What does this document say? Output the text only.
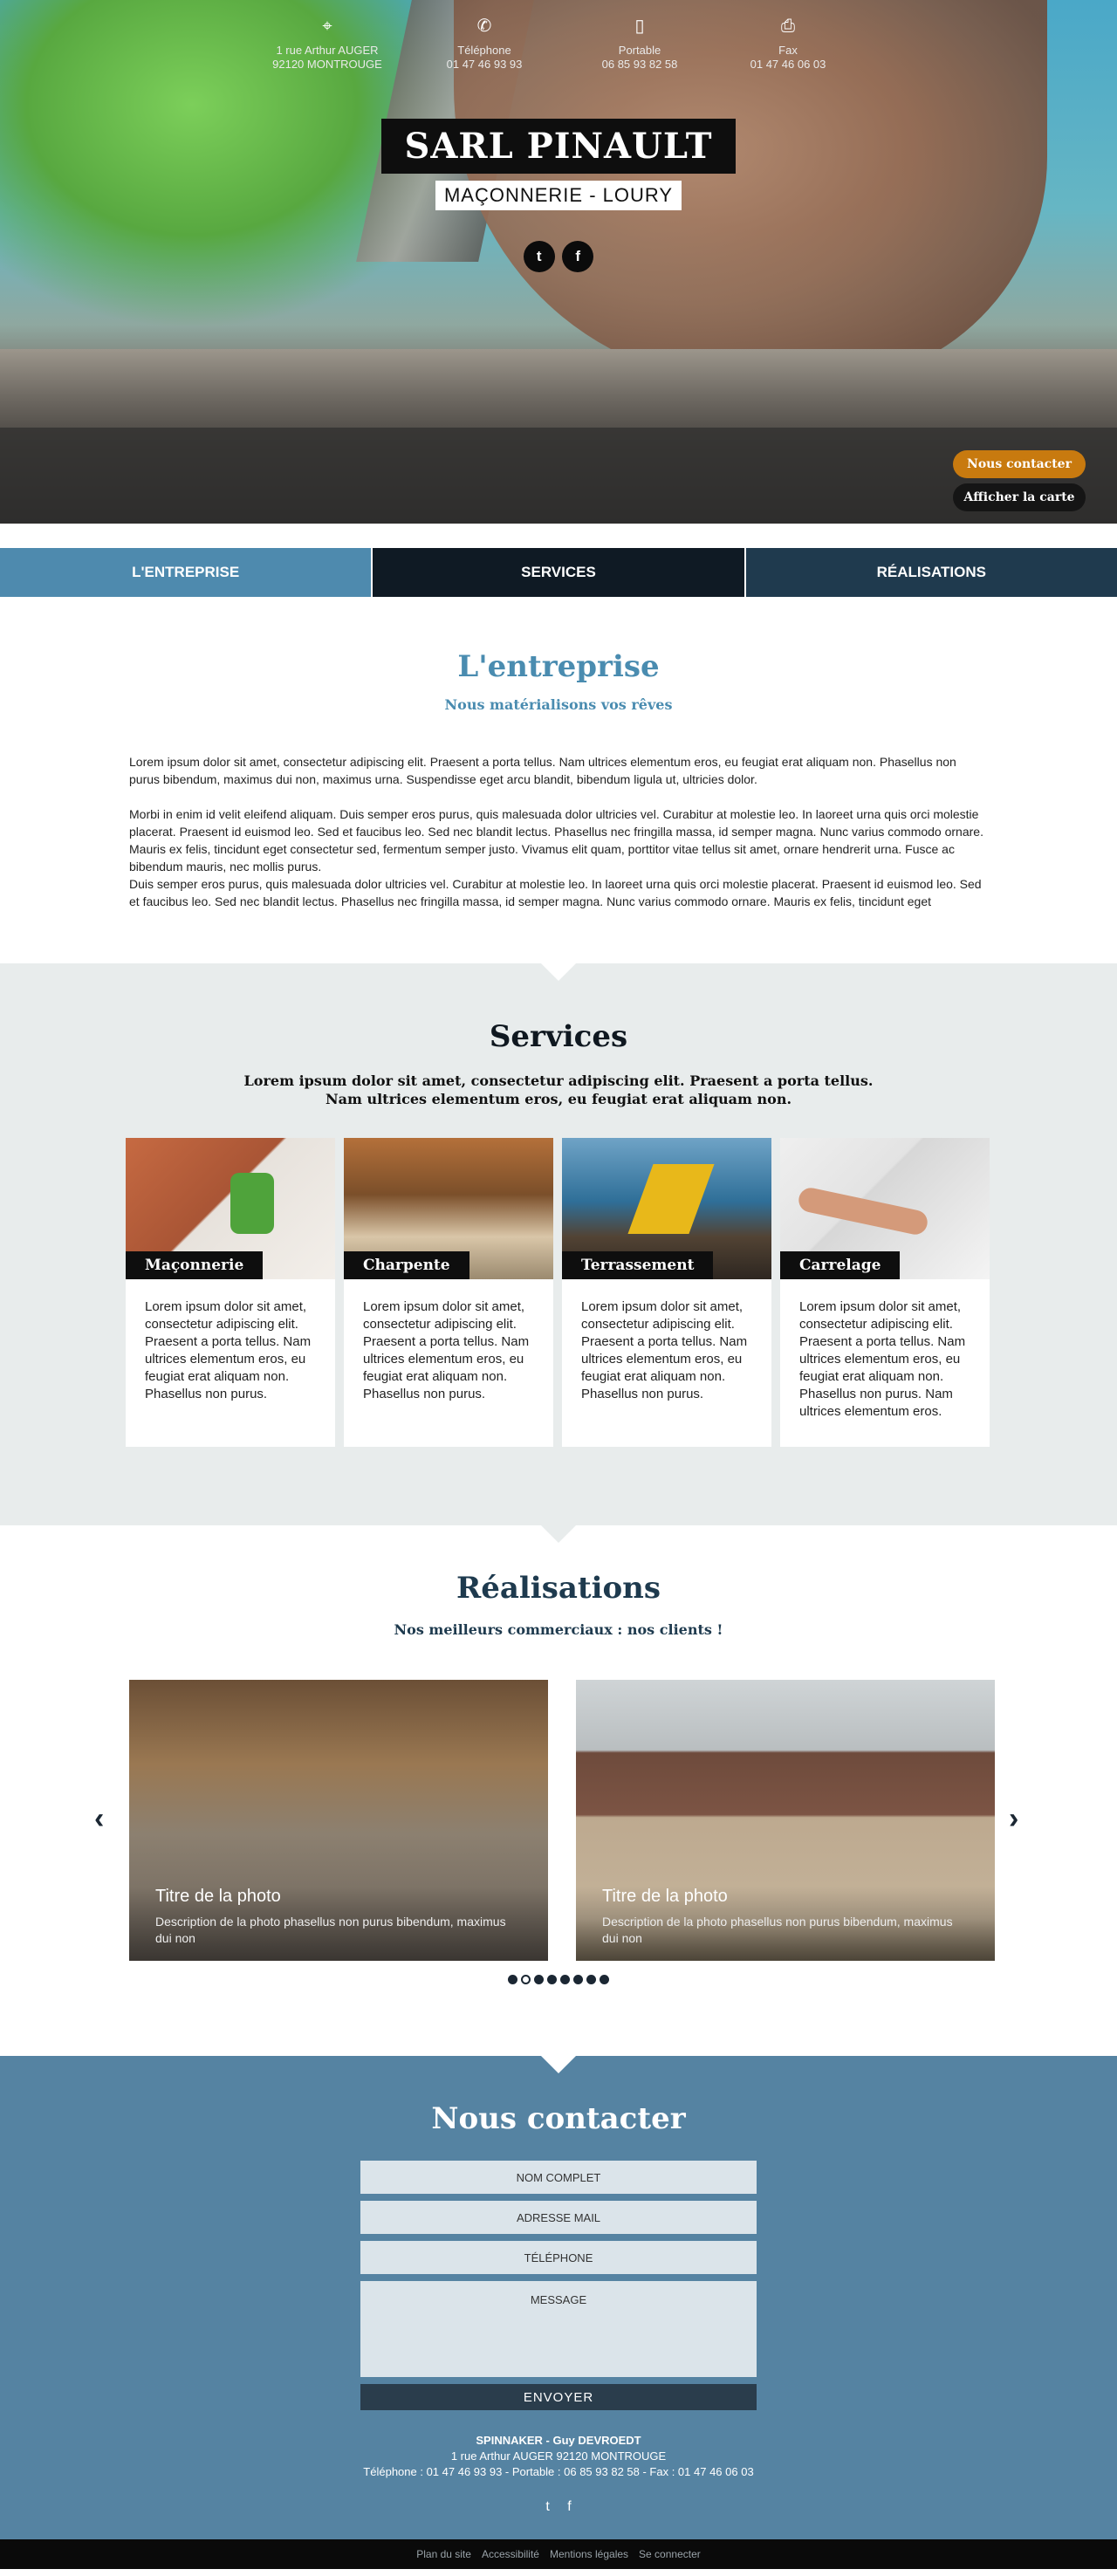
SARL PINAULT
MAÇONNERIE - LOURY
t f
⌖
1 rue Arthur AUGER
92120 MONTROUGE
✆
Téléphone
01 47 46 93 93
▯
Portable
06 85 93 82 58
⎙
Fax
01 47 46 06 03
Nous contacter
Afficher la carte
L'ENTREPRISE	SERVICES	RÉALISATIONS
L'entreprise
Nous matérialisons vos rêves

Lorem ipsum dolor sit amet, consectetur adipiscing elit. Praesent a porta tellus. Nam ultrices elementum eros, eu feugiat erat aliquam non. Phasellus non purus bibendum, maximus dui non, maximus urna. Suspendisse eget arcu blandit, bibendum ligula ut, ultricies dolor.

Morbi in enim id velit eleifend aliquam. Duis semper eros purus, quis malesuada dolor ultricies vel. Curabitur at molestie leo. In laoreet urna quis orci molestie placerat. Praesent id euismod leo. Sed et faucibus leo. Sed nec blandit lectus. Phasellus nec fringilla massa, id semper magna. Nunc varius commodo ornare. Mauris ex felis, tincidunt eget consectetur sed, fermentum semper justo. Vivamus elit quam, porttitor vitae tellus sit amet, ornare hendrerit urna. Fusce ac bibendum mauris, nec mollis purus.

Duis semper eros purus, quis malesuada dolor ultricies vel. Curabitur at molestie leo. In laoreet urna quis orci molestie placerat. Praesent id euismod leo. Sed et faucibus leo. Sed nec blandit lectus. Phasellus nec fringilla massa, id semper magna. Nunc varius commodo ornare. Mauris ex felis, tincidunt eget

Services
Lorem ipsum dolor sit amet, consectetur adipiscing elit. Praesent a porta tellus.
Nam ultrices elementum eros, eu feugiat erat aliquam non.
Maçonnerie
Lorem ipsum dolor sit amet, consectetur adipiscing elit. Praesent a porta tellus. Nam ultrices elementum eros, eu feugiat erat aliquam non. Phasellus non purus.
Charpente
Lorem ipsum dolor sit amet, consectetur adipiscing elit. Praesent a porta tellus. Nam ultrices elementum eros, eu feugiat erat aliquam non. Phasellus non purus.
Terrassement
Lorem ipsum dolor sit amet, consectetur adipiscing elit. Praesent a porta tellus. Nam ultrices elementum eros, eu feugiat erat aliquam non. Phasellus non purus.
Carrelage
Lorem ipsum dolor sit amet, consectetur adipiscing elit. Praesent a porta tellus. Nam ultrices elementum eros, eu feugiat erat aliquam non. Phasellus non purus. Nam ultrices elementum eros.
Réalisations
Nos meilleurs commerciaux : nos clients !
‹
Titre de la photo
Description de la photo phasellus non purus bibendum, maximus dui non
Titre de la photo
Description de la photo phasellus non purus bibendum, maximus dui non
›
Nous contacter
NOM COMPLET
ADRESSE MAIL
TÉLÉPHONE
MESSAGE
ENVOYER
SPINNAKER - Guy DEVROEDT
1 rue Arthur AUGER 92120 MONTROUGE
Téléphone : 01 47 46 93 93 - Portable : 06 85 93 82 58 - Fax : 01 47 46 06 03
t f
Plan du site Accessibilité Mentions légales Se connecter
